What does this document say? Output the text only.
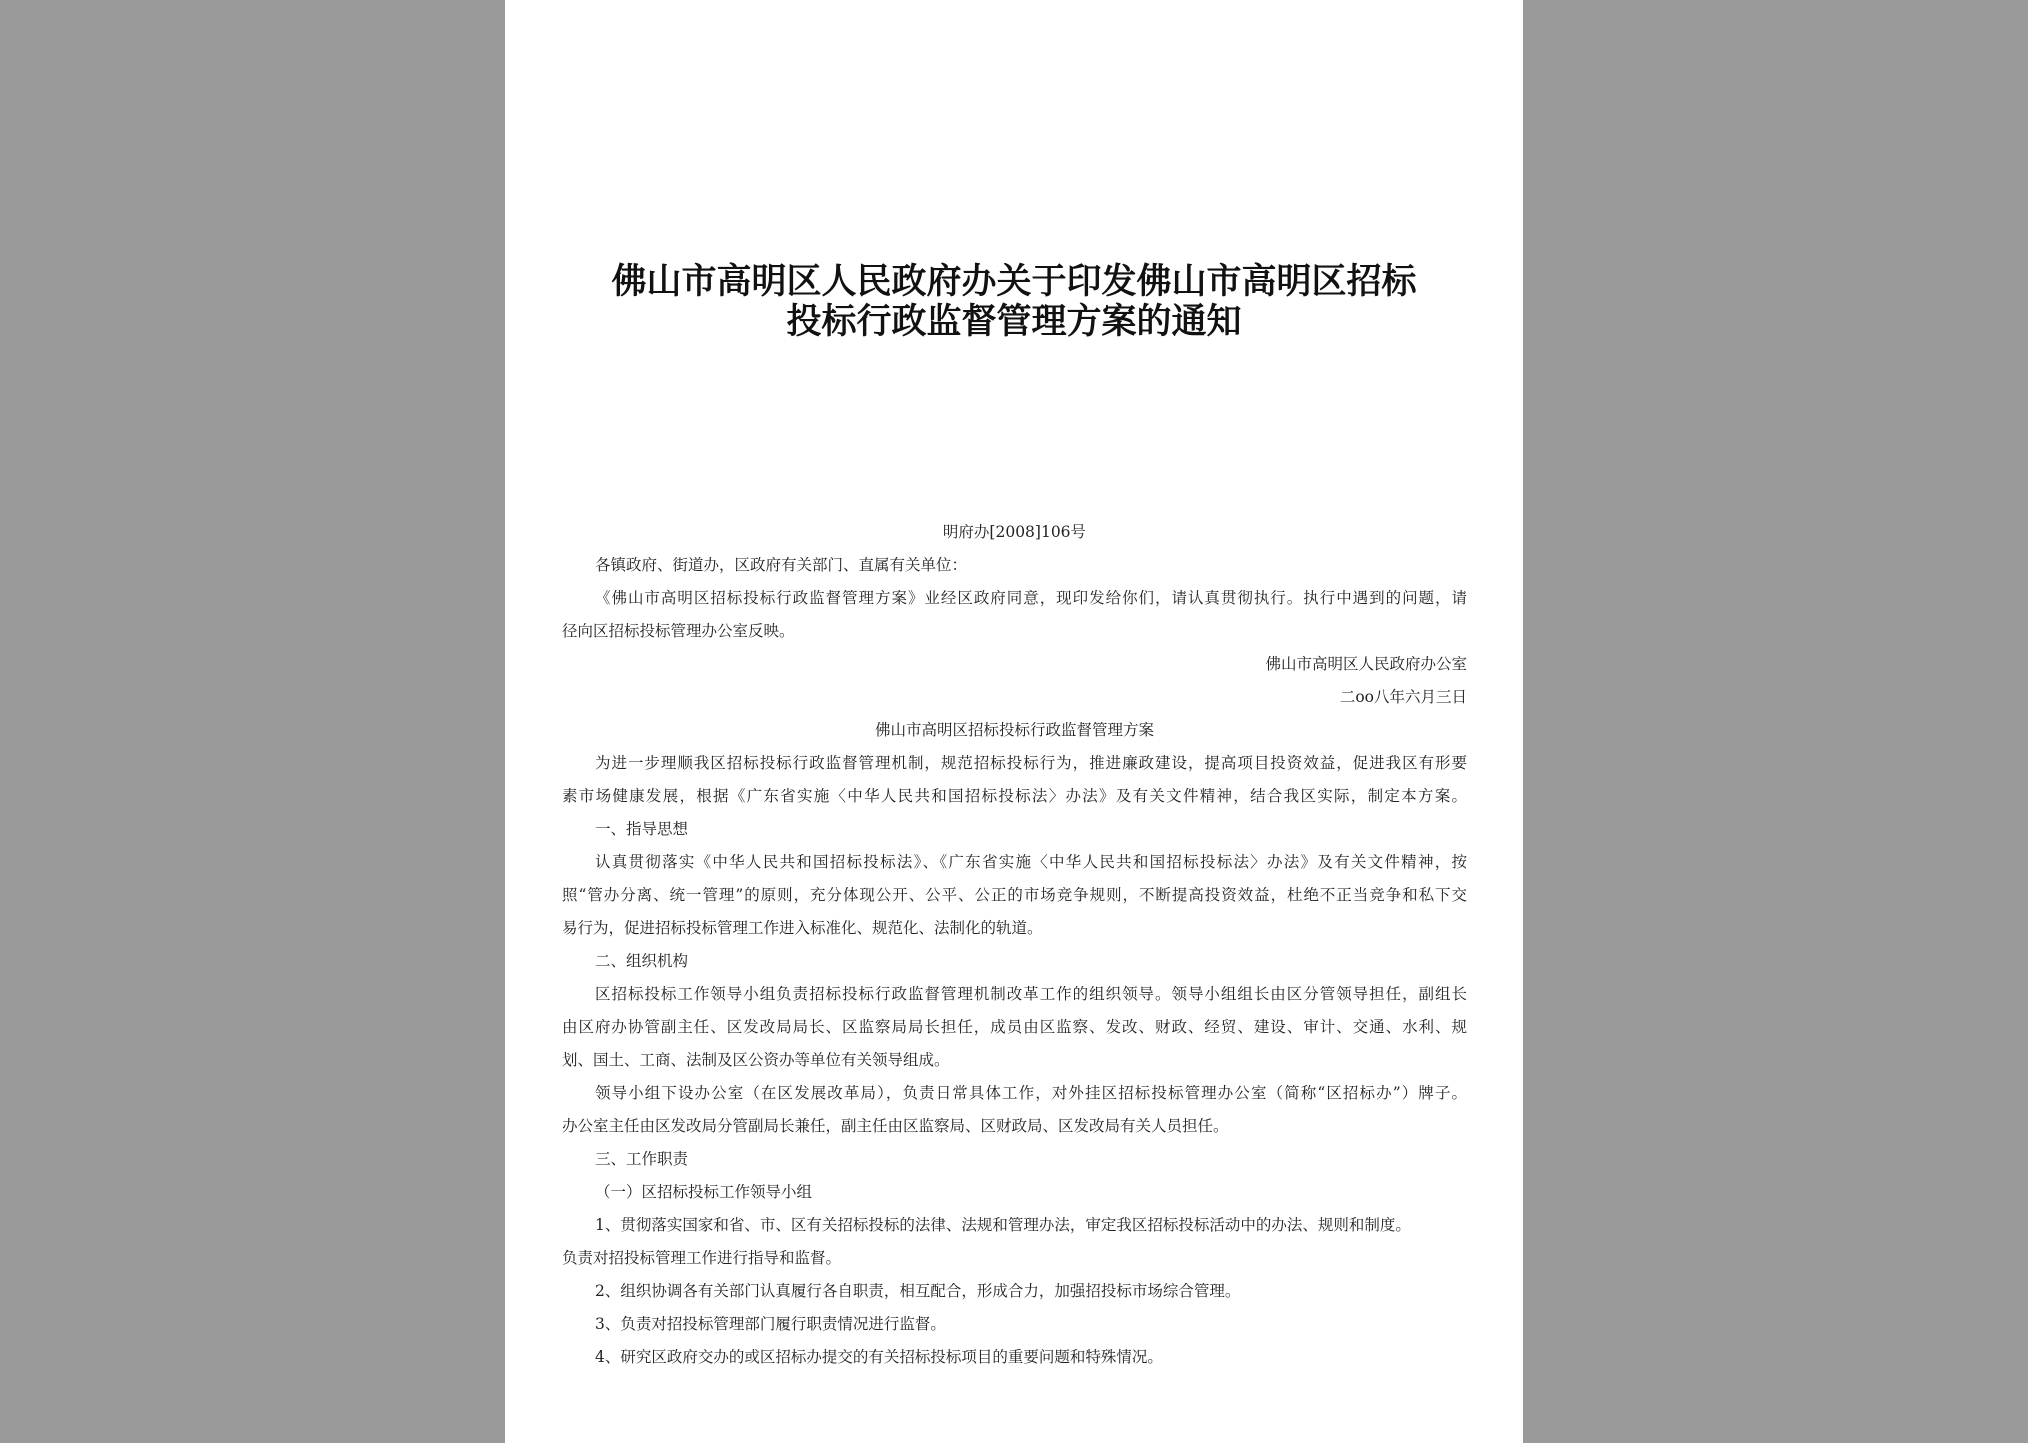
佛山市高明区人民政府办关于印发佛山市高明区招标
投标行政监督管理方案的通知
明府办[2008]106号
各镇政府、街道办，区政府有关部门、直属有关单位：
《佛山市高明区招标投标行政监督管理方案》业经区政府同意，现印发给你们，请认真贯彻执行。执行中遇到的问题，请
径向区招标投标管理办公室反映。
佛山市高明区人民政府办公室
二oo八年六月三日
佛山市高明区招标投标行政监督管理方案
为进一步理顺我区招标投标行政监督管理机制，规范招标投标行为，推进廉政建设，提高项目投资效益，促进我区有形要
素市场健康发展，根据《广东省实施〈中华人民共和国招标投标法〉办法》及有关文件精神，结合我区实际，制定本方案。
一、指导思想
认真贯彻落实《中华人民共和国招标投标法》、《广东省实施〈中华人民共和国招标投标法〉办法》及有关文件精神，按
照“管办分离、统一管理”的原则，充分体现公开、公平、公正的市场竞争规则，不断提高投资效益，杜绝不正当竞争和私下交
易行为，促进招标投标管理工作进入标准化、规范化、法制化的轨道。
二、组织机构
区招标投标工作领导小组负责招标投标行政监督管理机制改革工作的组织领导。领导小组组长由区分管领导担任，副组长
由区府办协管副主任、区发改局局长、区监察局局长担任，成员由区监察、发改、财政、经贸、建设、审计、交通、水利、规
划、国土、工商、法制及区公资办等单位有关领导组成。
领导小组下设办公室（在区发展改革局），负责日常具体工作，对外挂区招标投标管理办公室（简称“区招标办”）牌子。
办公室主任由区发改局分管副局长兼任，副主任由区监察局、区财政局、区发改局有关人员担任。
三、工作职责
（一）区招标投标工作领导小组
1、贯彻落实国家和省、市、区有关招标投标的法律、法规和管理办法，审定我区招标投标活动中的办法、规则和制度。
负责对招投标管理工作进行指导和监督。
2、组织协调各有关部门认真履行各自职责，相互配合，形成合力，加强招投标市场综合管理。
3、负责对招投标管理部门履行职责情况进行监督。
4、研究区政府交办的或区招标办提交的有关招标投标项目的重要问题和特殊情况。
